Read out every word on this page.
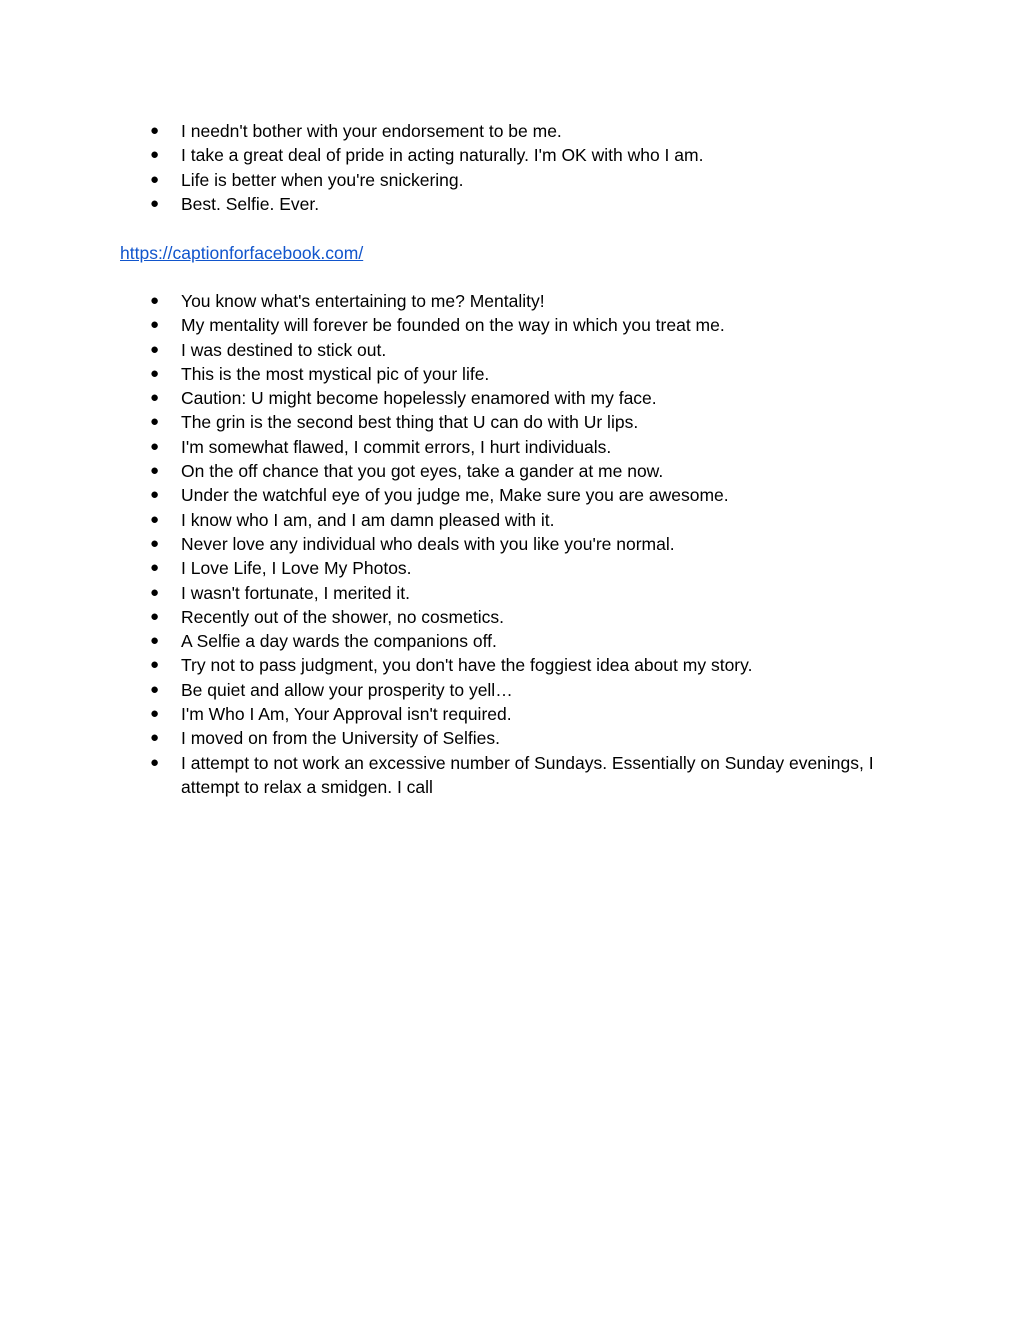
● I needn't bother with your endorsement to be me.
● I take a great deal of pride in acting naturally. I'm OK with who I am.
● Life is better when you're snickering.
● Best. Selfie. Ever.
https://captionforfacebook.com/
● You know what's entertaining to me? Mentality!
● My mentality will forever be founded on the way in which you treat me.
● I was destined to stick out.
● This is the most mystical pic of your life.
● Caution: U might become hopelessly enamored with my face.
● The grin is the second best thing that U can do with Ur lips.
● I'm somewhat flawed, I commit errors, I hurt individuals.
● On the off chance that you got eyes, take a gander at me now.
● Under the watchful eye of you judge me, Make sure you are awesome.
● I know who I am, and I am damn pleased with it.
● Never love any individual who deals with you like you're normal.
● I Love Life, I Love My Photos.
● I wasn't fortunate, I merited it.
● Recently out of the shower, no cosmetics.
● A Selfie a day wards the companions off.
● Try not to pass judgment, you don't have the foggiest idea about my story.
● Be quiet and allow your prosperity to yell…
● I'm Who I Am, Your Approval isn't required.
● I moved on from the University of Selfies.
● I attempt to not work an excessive number of Sundays. Essentially on Sunday evenings, I attempt to relax a smidgen. I call
